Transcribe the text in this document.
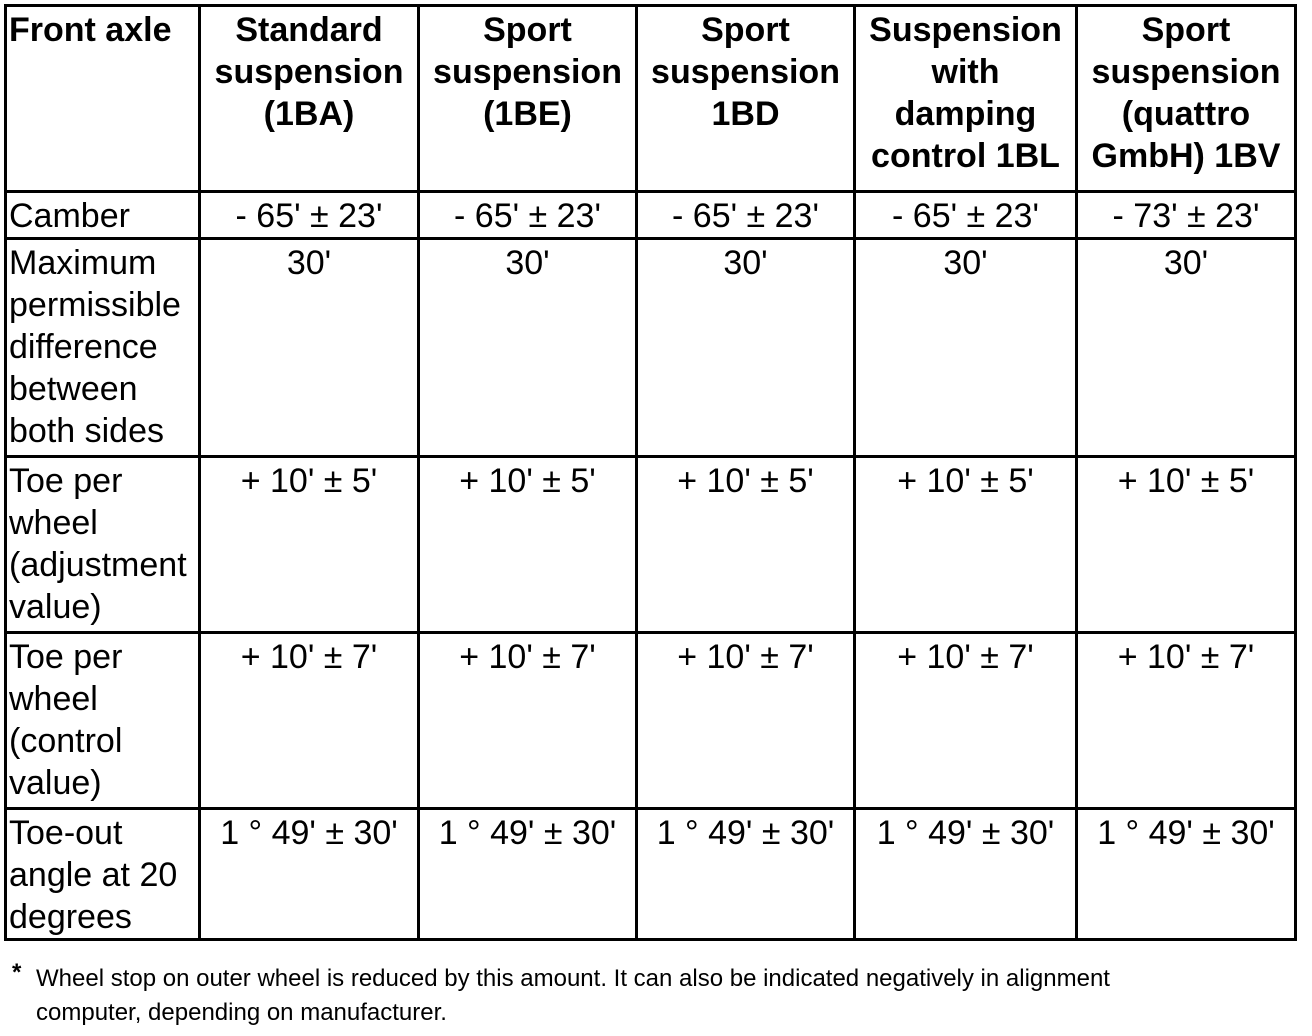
Front axle	Standard suspension (1BA)	Sport suspension (1BE)	Sport suspension 1BD	Suspension with damping control 1BL	Sport suspension (quattro GmbH) 1BV
Camber	- 65' ± 23'	- 65' ± 23'	- 65' ± 23'	- 65' ± 23'	- 73' ± 23'
Maximum permissible difference between both sides	30'	30'	30'	30'	30'
Toe per wheel (adjustment value)	+ 10' ± 5'	+ 10' ± 5'	+ 10' ± 5'	+ 10' ± 5'	+ 10' ± 5'
Toe per wheel (control value)	+ 10' ± 7'	+ 10' ± 7'	+ 10' ± 7'	+ 10' ± 7'	+ 10' ± 7'
Toe-out angle at 20 degrees	1 ° 49' ± 30'	1 ° 49' ± 30'	1 ° 49' ± 30'	1 ° 49' ± 30'	1 ° 49' ± 30'
* Wheel stop on outer wheel is reduced by this amount. It can also be indicated negatively in alignment computer, depending on manufacturer.
